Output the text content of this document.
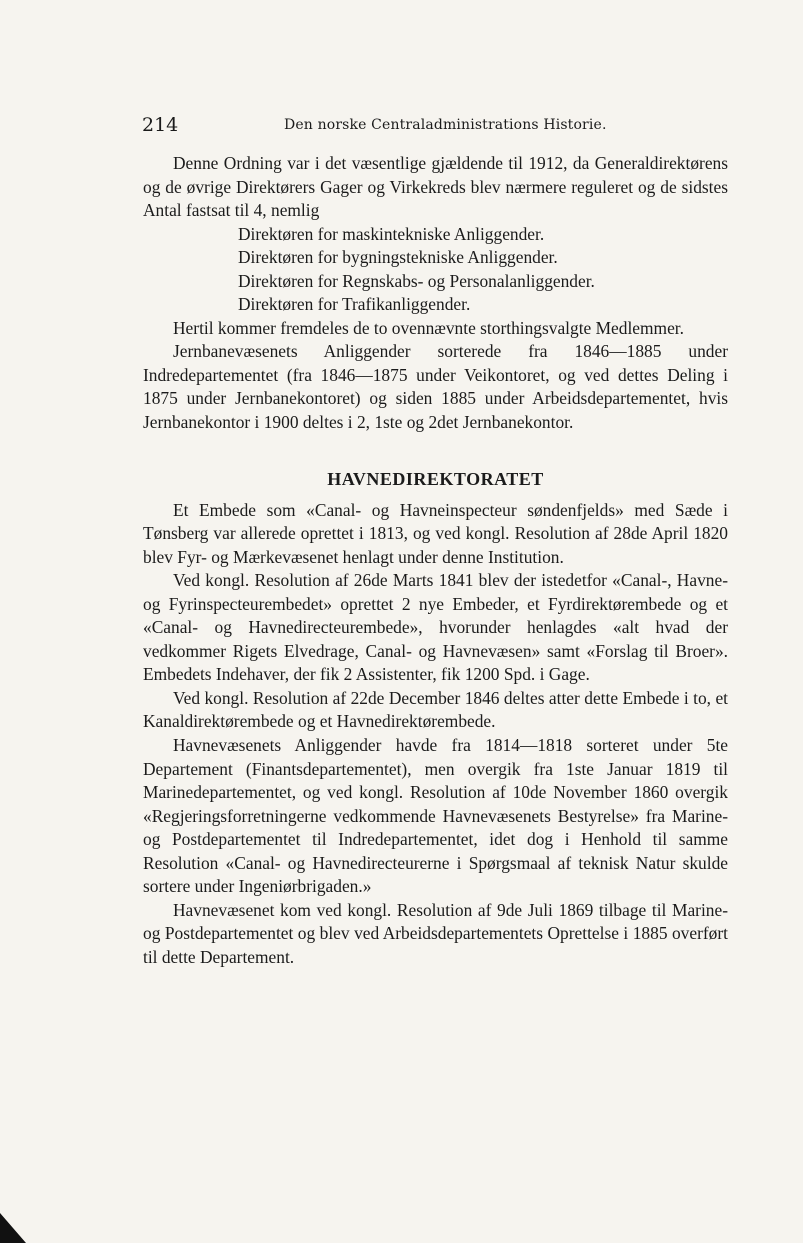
214	Den norske Centraladministrations Historie.

Denne Ordning var i det væsentlige gjældende til 1912, da Generaldirektørens og de øvrige Direktørers Gager og Virkekreds blev nærmere reguleret og de sidstes Antal fastsat til 4, nemlig

Direktøren for maskintekniske Anliggender.

Direktøren for bygningstekniske Anliggender.

Direktøren for Regnskabs- og Personalanliggender.

Direktøren for Trafikanliggender.

Hertil kommer fremdeles de to ovennævnte storthingsvalgte Medlemmer.

Jernbanevæsenets Anliggender sorterede fra 1846—1885 under Indredepartementet (fra 1846—1875 under Veikontoret, og ved dettes Deling i 1875 under Jernbanekontoret) og siden 1885 under Arbeidsdepartementet, hvis Jernbanekontor i 1900 deltes i 2, 1ste og 2det Jernbanekontor.

HAVNEDIREKTORATET

Et Embede som «Canal- og Havneinspecteur søndenfjelds» med Sæde i Tønsberg var allerede oprettet i 1813, og ved kongl. Resolution af 28de April 1820 blev Fyr- og Mærkevæsenet henlagt under denne Institution.

Ved kongl. Resolution af 26de Marts 1841 blev der istedetfor «Canal-, Havne- og Fyrinspecteurembedet» oprettet 2 nye Embeder, et Fyrdirektørembede og et «Canal- og Havnedirecteurembede», hvorunder henlagdes «alt hvad der vedkommer Rigets Elvedrage, Canal- og Havnevæsen» samt «Forslag til Broer». Embedets Indehaver, der fik 2 Assistenter, fik 1200 Spd. i Gage.

Ved kongl. Resolution af 22de December 1846 deltes atter dette Embede i to, et Kanaldirektørembede og et Havnedirektørembede.

Havnevæsenets Anliggender havde fra 1814—1818 sorteret under 5te Departement (Finantsdepartementet), men overgik fra 1ste Januar 1819 til Marinedepartementet, og ved kongl. Resolution af 10de November 1860 overgik «Regjeringsforretningerne vedkommende Havnevæsenets Bestyrelse» fra Marine- og Postdepartementet til Indredepartementet, idet dog i Henhold til samme Resolution «Canal- og Havnedirecteurerne i Spørgsmaal af teknisk Natur skulde sortere under Ingeniørbrigaden.»

Havnevæsenet kom ved kongl. Resolution af 9de Juli 1869 tilbage til Marine- og Postdepartementet og blev ved Arbeidsdepartementets Oprettelse i 1885 overført til dette Departement.
